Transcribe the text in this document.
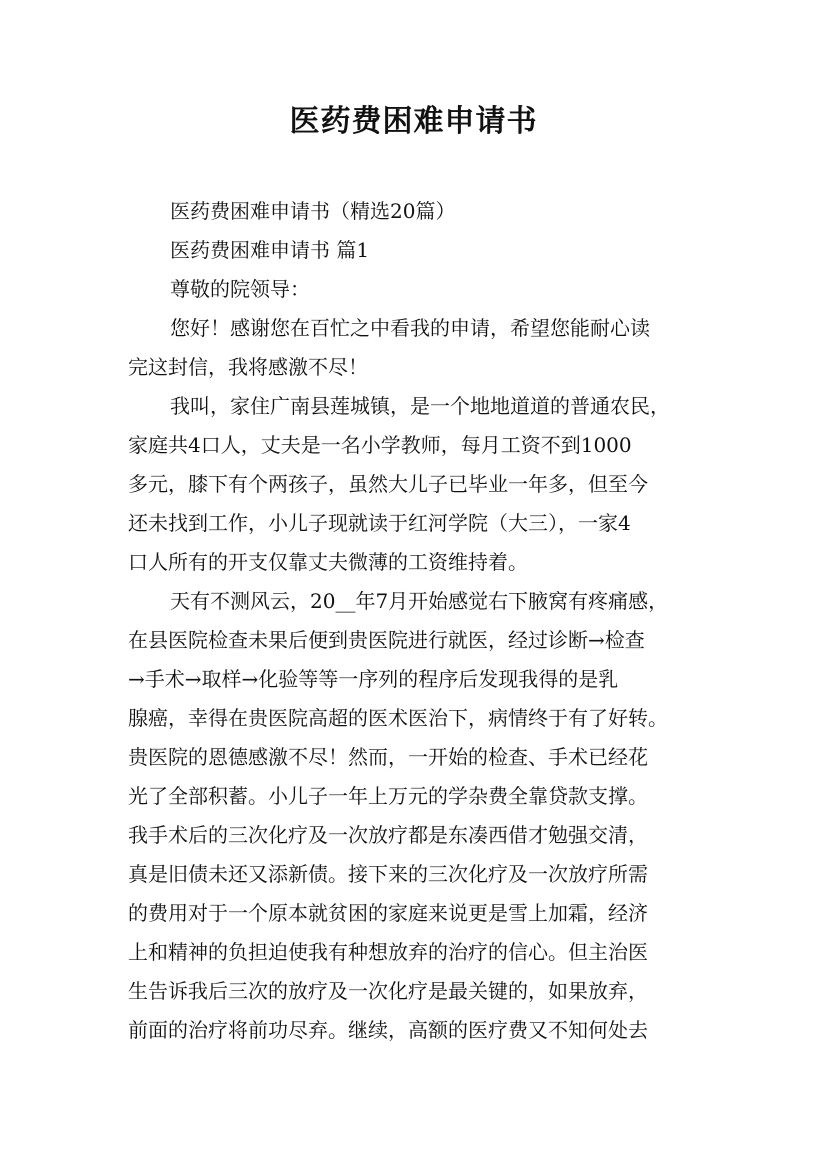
医药费困难申请书
医药费困难申请书（精选20篇）
医药费困难申请书 篇1
尊敬的院领导：
您好！感谢您在百忙之中看我的申请，希望您能耐心读
完这封信，我将感激不尽！
我叫，家住广南县莲城镇，是一个地地道道的普通农民，
家庭共4口人，丈夫是一名小学教师，每月工资不到1000
多元，膝下有个两孩子，虽然大儿子已毕业一年多，但至今
还未找到工作，小儿子现就读于红河学院（大三），一家4
口人所有的开支仅靠丈夫微薄的工资维持着。
天有不测风云，20__年7月开始感觉右下腋窝有疼痛感，
在县医院检查未果后便到贵医院进行就医，经过诊断→检查
→手术→取样→化验等等一序列的程序后发现我得的是乳
腺癌，幸得在贵医院高超的医术医治下，病情终于有了好转。
贵医院的恩德感激不尽！然而，一开始的检查、手术已经花
光了全部积蓄。小儿子一年上万元的学杂费全靠贷款支撑。
我手术后的三次化疗及一次放疗都是东凑西借才勉强交清，
真是旧债未还又添新债。接下来的三次化疗及一次放疗所需
的费用对于一个原本就贫困的家庭来说更是雪上加霜，经济
上和精神的负担迫使我有种想放弃的治疗的信心。但主治医
生告诉我后三次的放疗及一次化疗是最关键的，如果放弃，
前面的治疗将前功尽弃。继续，高额的医疗费又不知何处去
